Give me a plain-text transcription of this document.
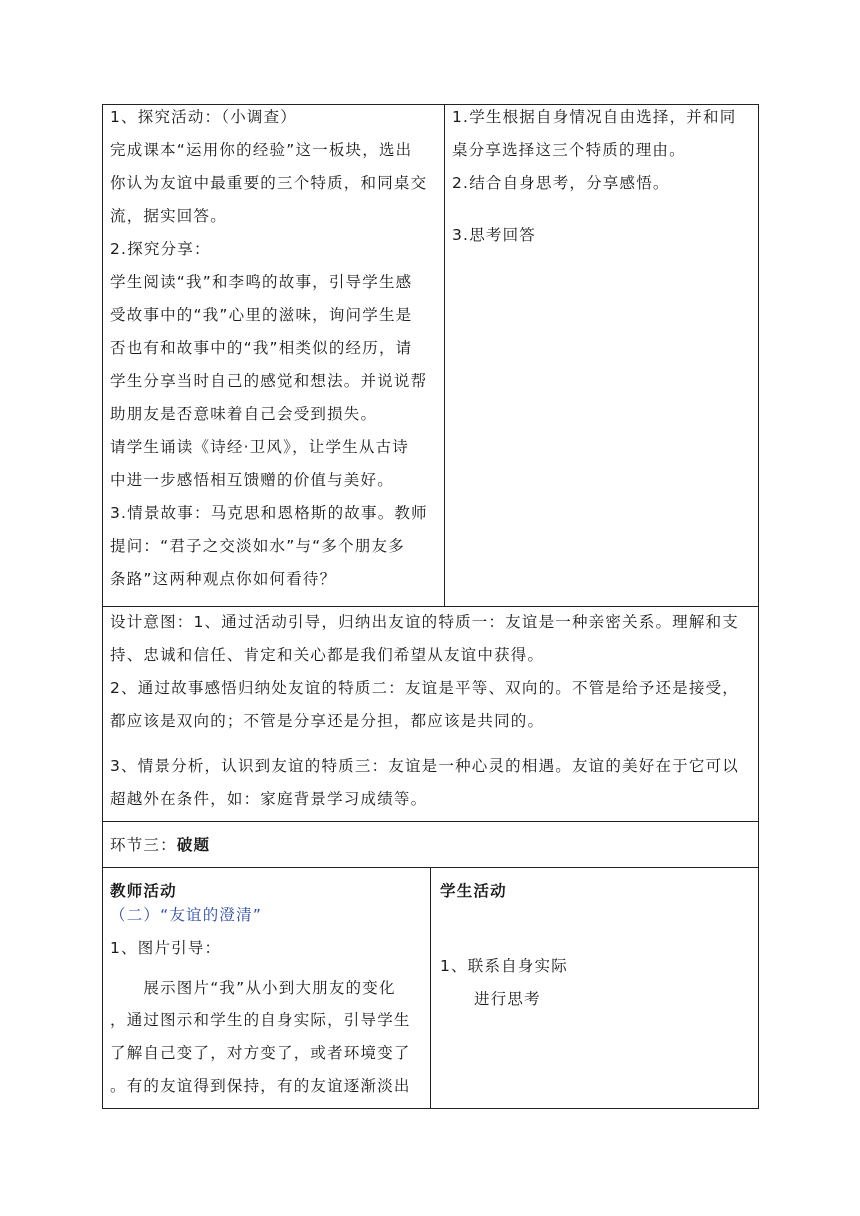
1、探究活动：（小调查）

完成课本“运用你的经验”这一板块，选出

你认为友谊中最重要的三个特质，和同桌交

流，据实回答。

2.探究分享：

学生阅读“我”和李鸣的故事，引导学生感

受故事中的“我”心里的滋味，询问学生是

否也有和故事中的“我”相类似的经历，请

学生分享当时自己的感觉和想法。并说说帮

助朋友是否意味着自己会受到损失。

请学生诵读《诗经·卫风》，让学生从古诗

中进一步感悟相互馈赠的价值与美好。

3.情景故事：马克思和恩格斯的故事。教师

提问：“君子之交淡如水”与“多个朋友多

条路”这两种观点你如何看待？

1.学生根据自身情况自由选择，并和同

桌分享选择这三个特质的理由。

2.结合自身思考，分享感悟。

3.思考回答

设计意图：1、通过活动引导，归纳出友谊的特质一：友谊是一种亲密关系。理解和支

持、忠诚和信任、肯定和关心都是我们希望从友谊中获得。

2、通过故事感悟归纳处友谊的特质二：友谊是平等、双向的。不管是给予还是接受，

都应该是双向的；不管是分享还是分担，都应该是共同的。

3、情景分析，认识到友谊的特质三：友谊是一种心灵的相遇。友谊的美好在于它可以

超越外在条件，如：家庭背景学习成绩等。

环节三：破题

教师活动

（二）“友谊的澄清”

1、图片引导：

　　展示图片“我”从小到大朋友的变化

，通过图示和学生的自身实际，引导学生

了解自己变了，对方变了，或者环境变了

。有的友谊得到保持，有的友谊逐渐淡出

学生活动

1、联系自身实际

进行思考
